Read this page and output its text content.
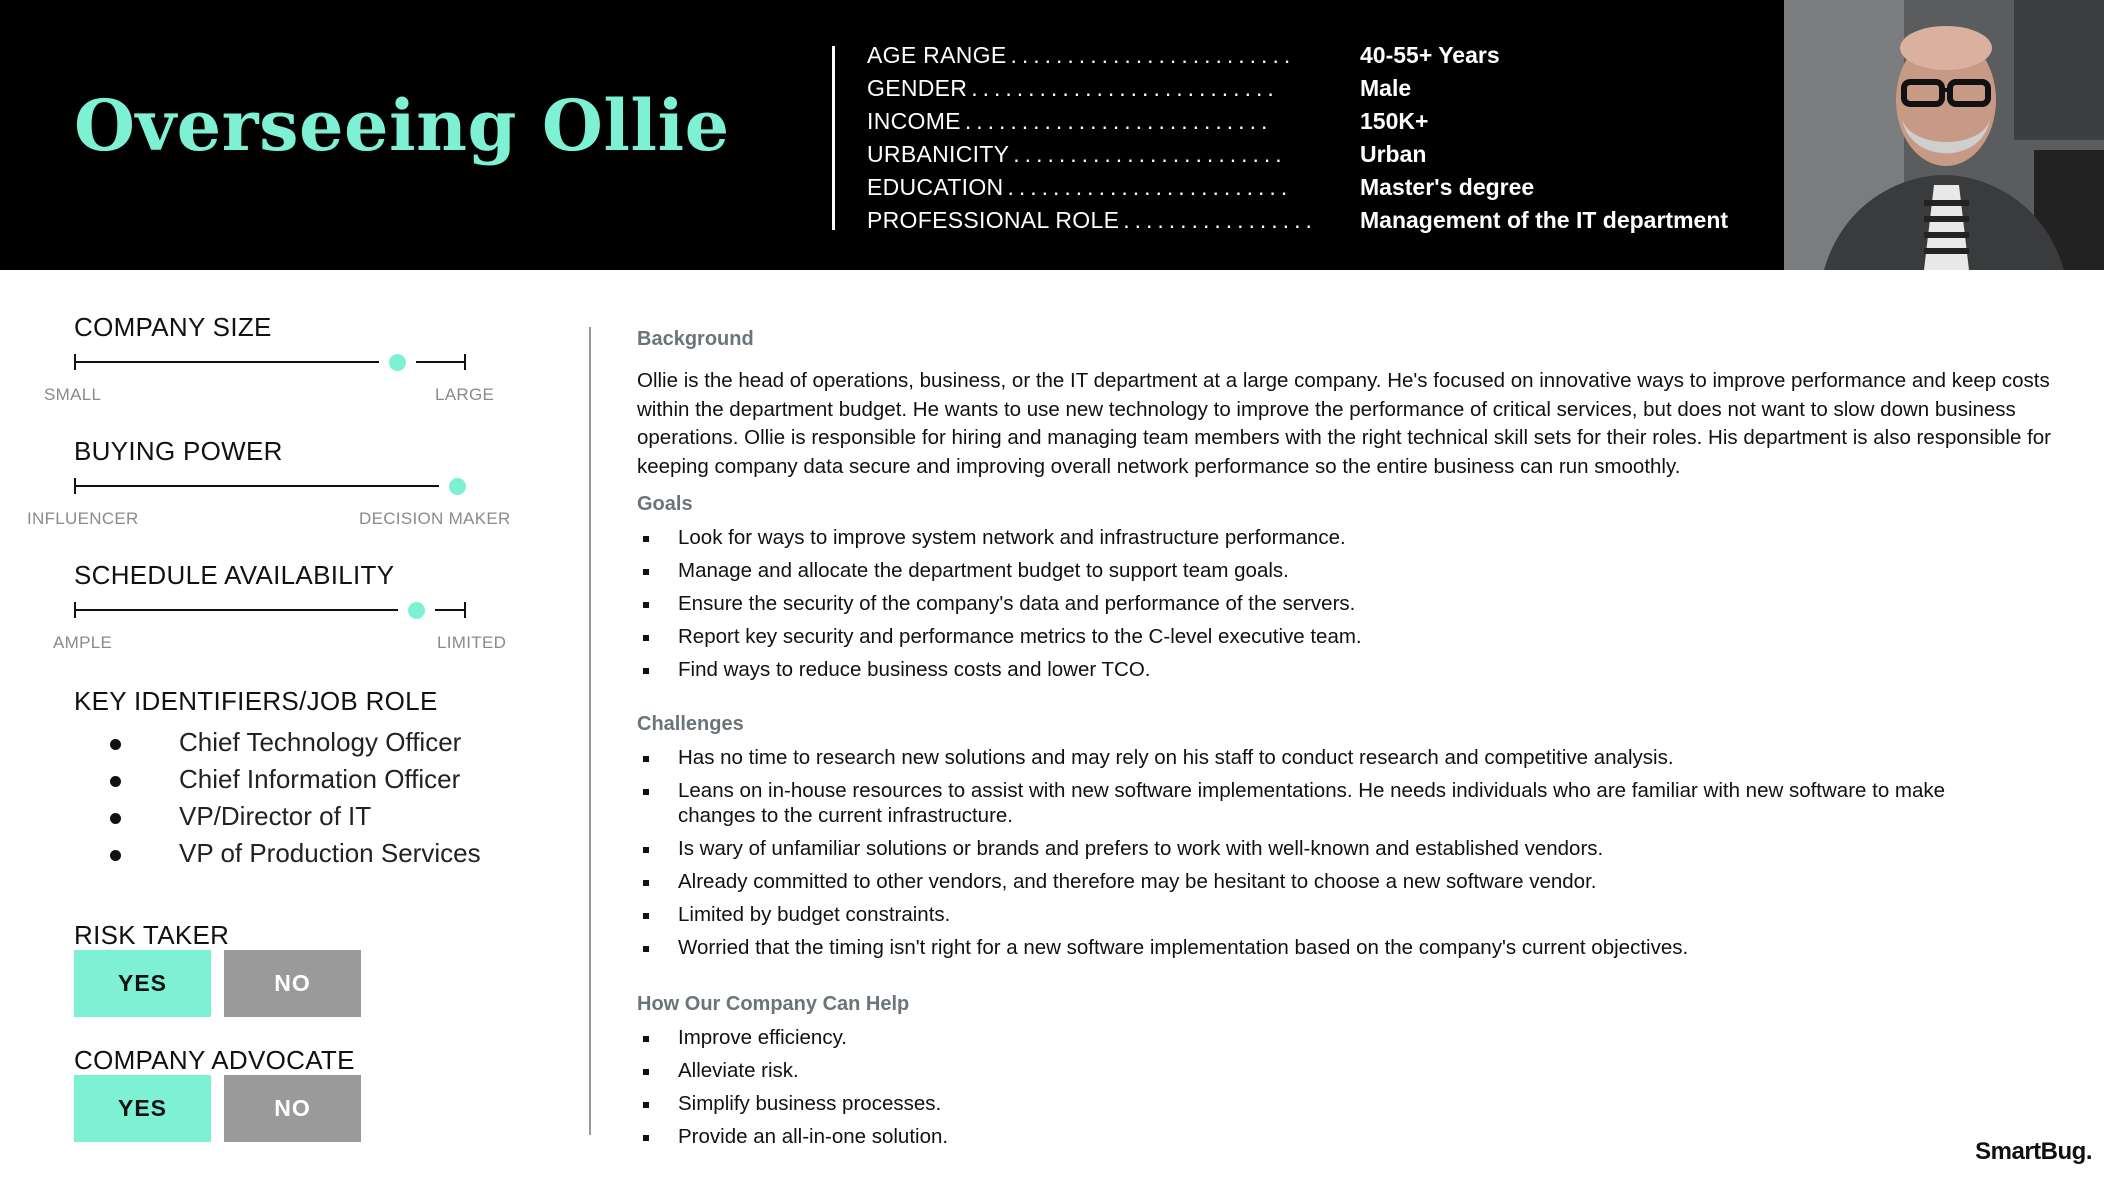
Overseeing Ollie
AGE RANGE .........................	40-55+ Years
GENDER ...........................	Male
INCOME ...........................	150K+
URBANICITY ........................	Urban
EDUCATION .........................	Master's degree
PROFESSIONAL ROLE .................	Management of the IT department
COMPANY SIZE
SMALL	LARGE
BUYING POWER
INFLUENCER	DECISION MAKER
SCHEDULE AVAILABILITY
AMPLE	LIMITED
KEY IDENTIFIERS/JOB ROLE
Chief Technology Officer
Chief Information Officer
VP/Director of IT
VP of Production Services
RISK TAKER
YES	NO
COMPANY ADVOCATE
YES	NO
Background
Ollie is the head of operations, business, or the IT department at a large company. He's focused on innovative ways to improve performance and keep costs within the department budget. He wants to use new technology to improve the performance of critical services, but does not want to slow down business operations. Ollie is responsible for hiring and managing team members with the right technical skill sets for their roles. His department is also responsible for keeping company data secure and improving overall network performance so the entire business can run smoothly.
Goals
Look for ways to improve system network and infrastructure performance.
Manage and allocate the department budget to support team goals.
Ensure the security of the company's data and performance of the servers.
Report key security and performance metrics to the C-level executive team.
Find ways to reduce business costs and lower TCO.
Challenges
Has no time to research new solutions and may rely on his staff to conduct research and competitive analysis.
Leans on in-house resources to assist with new software implementations. He needs individuals who are familiar with new software to make changes to the current infrastructure.
Is wary of unfamiliar solutions or brands and prefers to work with well-known and established vendors.
Already committed to other vendors, and therefore may be hesitant to choose a new software vendor.
Limited by budget constraints.
Worried that the timing isn't right for a new software implementation based on the company's current objectives.
How Our Company Can Help
Improve efficiency.
Alleviate risk.
Simplify business processes.
Provide an all-in-one solution.
SmartBug.
